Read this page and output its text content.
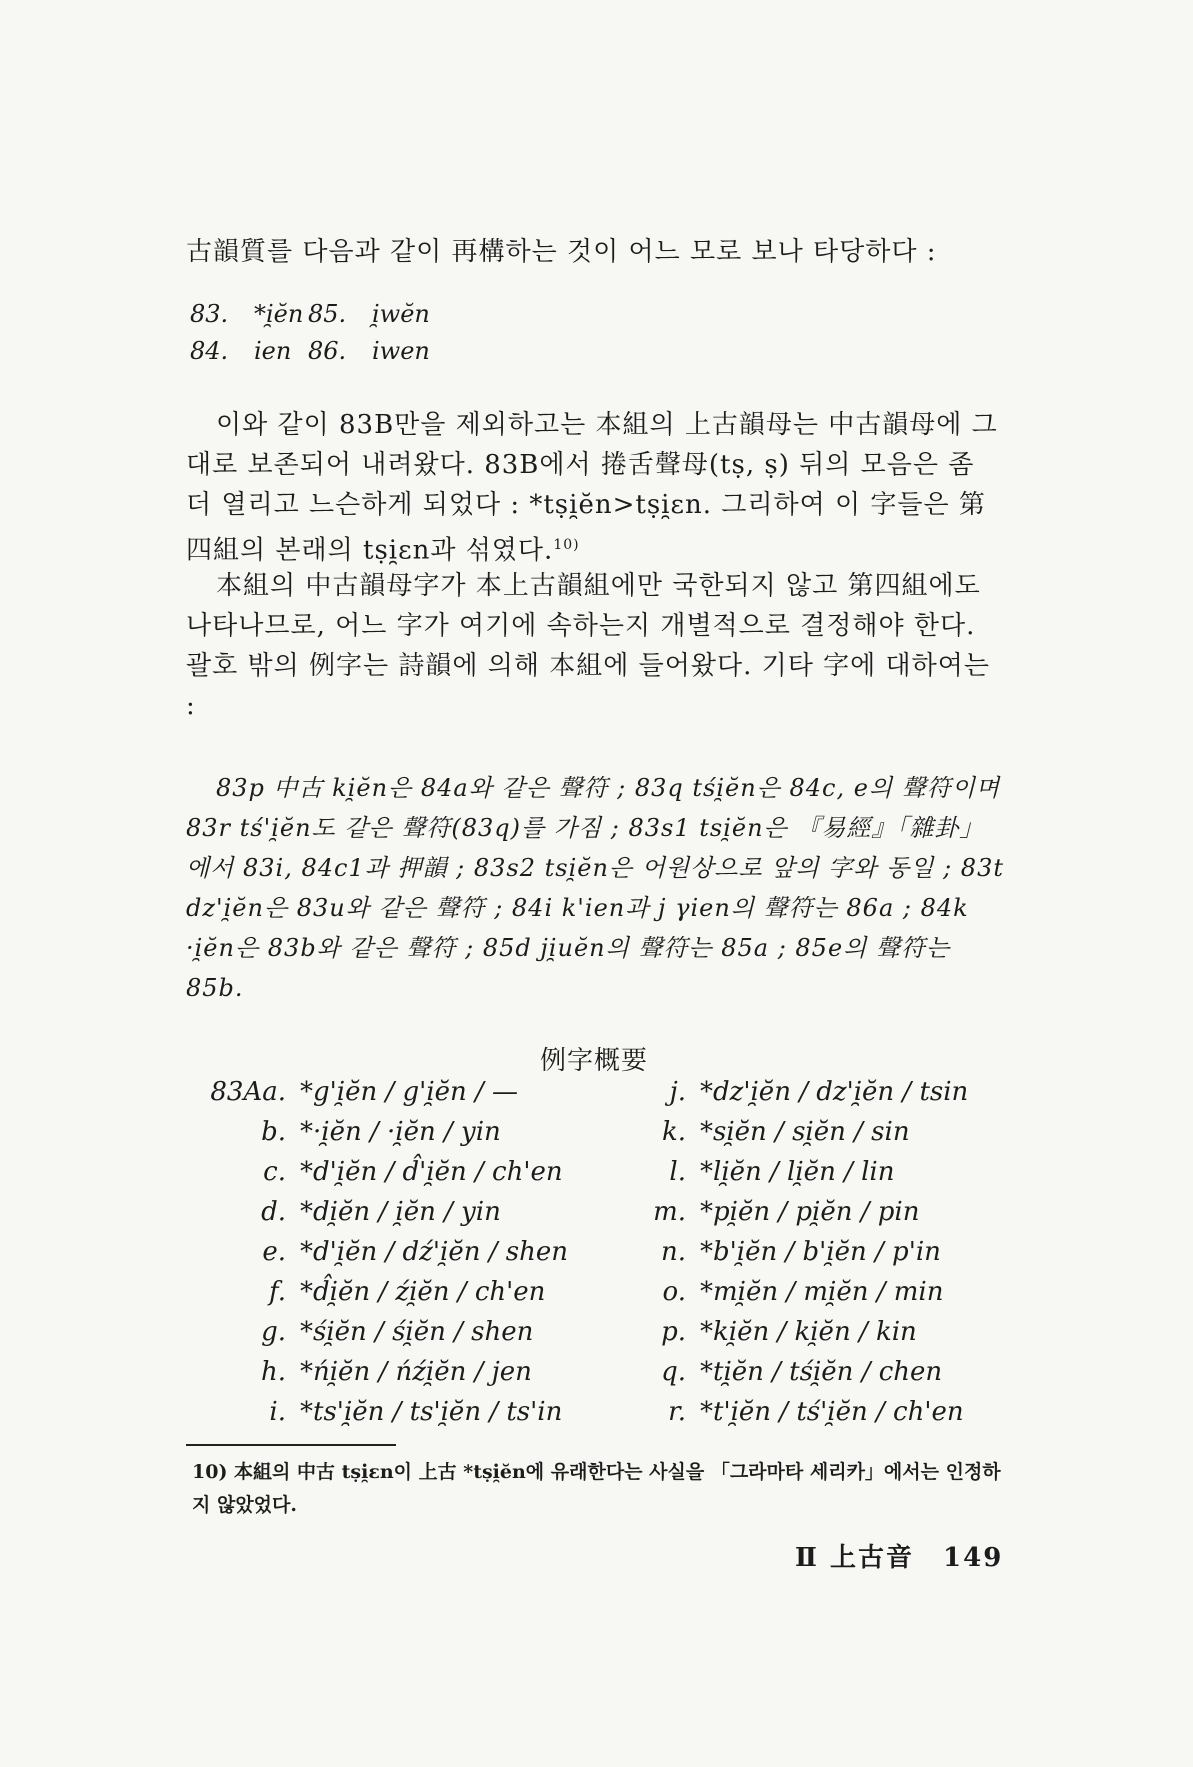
古韻質를 다음과 같이 再構하는 것이 어느 모로 보나 타당하다 :

83. *i̯ĕn 85. i̯wĕn
84. ien 86. iwen

이와 같이 83B만을 제외하고는 本組의 上古韻母는 中古韻母에 그대로 보존되어 내려왔다. 83B에서 捲舌聲母(tṣ, ṣ) 뒤의 모음은 좀 더 열리고 느슨하게 되었다 : *tṣi̯ĕn>tṣi̯ɛn. 그리하여 이 字들은 第四組의 본래의 tṣi̯ɛn과 섞였다.$^{10)}$

本組의 中古韻母字가 本上古韻組에만 국한되지 않고 第四組에도 나타나므로, 어느 字가 여기에 속하는지 개별적으로 결정해야 한다. 괄호 밖의 例字는 詩韻에 의해 本組에 들어왔다. 기타 字에 대하여는 :

83p 中古 ki̯ĕn은 84a와 같은 聲符 ; 83q tśi̯ĕn은 84c, e의 聲符이며 83r tś'i̯ĕn도 같은 聲符(83q)를 가짐 ; 83s1 tsi̯ĕn은 『易經』「雜卦」에서 83i, 84c1과 押韻 ; 83s2 tsi̯ĕn은 어원상으로 앞의 字와 동일 ; 83t dz'i̯ĕn은 83u와 같은 聲符 ; 84i k'ien과 j γien의 聲符는 86a ; 84k ·i̯ĕn은 83b와 같은 聲符 ; 85d ji̯uĕn의 聲符는 85a ; 85e의 聲符는 85b.

例字概要
83Aa. *g'i̯ĕn / g'i̯ĕn / —
b. *·i̯ĕn / ·i̯ĕn / yin
c. *d'i̯ĕn / d̂'i̯ĕn / ch'en
d. *di̯ĕn / i̯ĕn / yin
e. *d'i̯ĕn / dź'i̯ĕn / shen
f. *d̂i̯ĕn / źi̯ĕn / ch'en
g. *śi̯ĕn / śi̯ĕn / shen
h. *ńi̯ĕn / ńźi̯ĕn / jen
i. *ts'i̯ĕn / ts'i̯ĕn / ts'in
j. *dz'i̯ĕn / dz'i̯ĕn / tsin
k. *si̯ĕn / si̯ĕn / sin
l. *li̯ĕn / li̯ĕn / lin
m. *pi̯ĕn / pi̯ĕn / pin
n. *b'i̯ĕn / b'i̯ĕn / p'in
o. *mi̯ĕn / mi̯ĕn / min
p. *ki̯ĕn / ki̯ĕn / kin
q. *ti̯ĕn / tśi̯ĕn / chen
r. *t'i̯ĕn / tś'i̯ĕn / ch'en

10) 本組의 中古 tṣi̯ɛn이 上古 *tṣi̯ĕn에 유래한다는 사실을 「그라마타 세리카」에서는 인정하지 않았었다.

Ⅱ 上古音 149
